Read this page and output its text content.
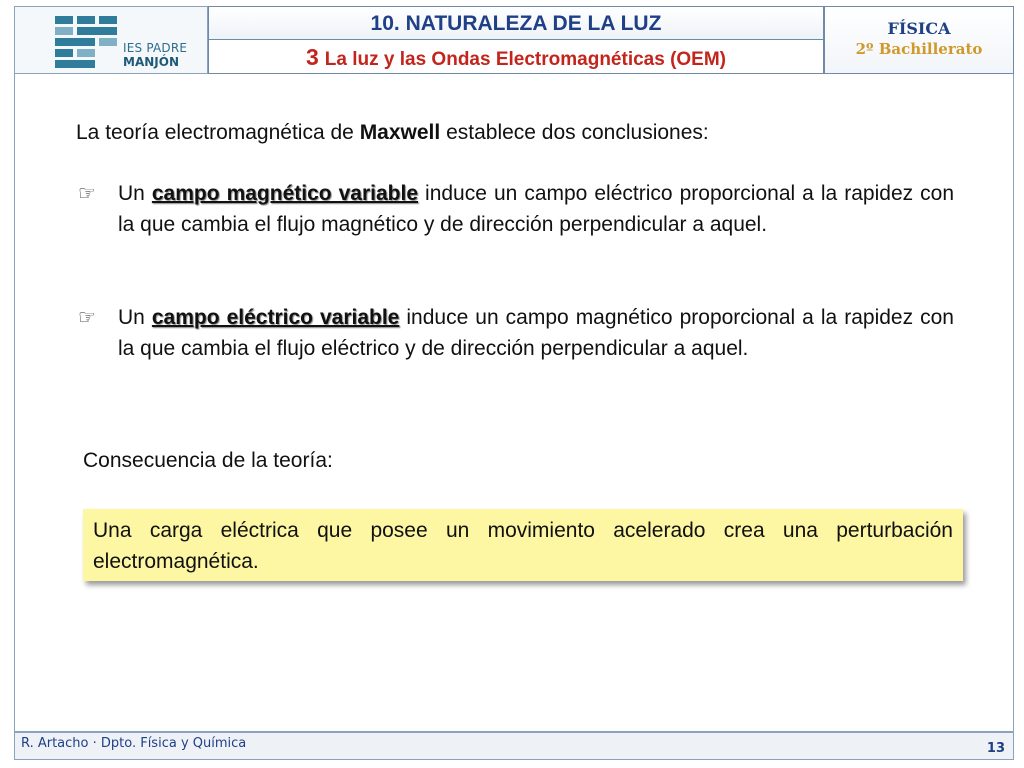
IES PADRE
MANJÓN
10. NATURALEZA DE LA LUZ
3 La luz y las Ondas Electromagnéticas (OEM)
FÍSICA
2º Bachillerato
La teoría electromagnética de Maxwell establece dos conclusiones:
☞	Un campo magnético variable induce un campo eléctrico proporcional a la rapidez con la que cambia el flujo magnético y de dirección perpendicular a aquel.
☞	Un campo eléctrico variable induce un campo magnético proporcional a la rapidez con la que cambia el flujo eléctrico y de dirección perpendicular a aquel.
Consecuencia de la teoría:
Una carga eléctrica que posee un movimiento acelerado crea una perturbación electromagnética.
R. Artacho · Dpto. Física y Química	13
